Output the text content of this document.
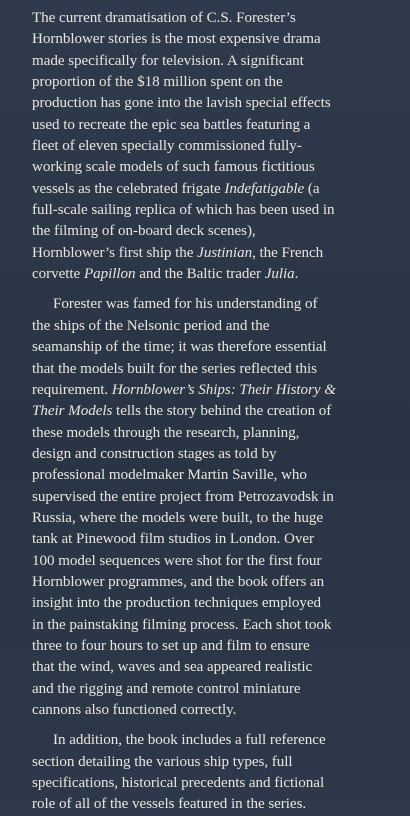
The current dramatisation of C.S. Forester’s
Hornblower stories is the most expensive drama
made specifically for television. A significant
proportion of the $18 million spent on the
production has gone into the lavish special effects
used to recreate the epic sea battles featuring a
fleet of eleven specially commissioned fully-
working scale models of such famous fictitious
vessels as the celebrated frigate Indefatigable (a
full-scale sailing replica of which has been used in
the filming of on-board deck scenes),
Hornblower’s first ship the Justinian, the French
corvette Papillon and the Baltic trader Julia.

Forester was famed for his understanding of
the ships of the Nelsonic period and the
seamanship of the time; it was therefore essential
that the models built for the series reflected this
requirement. Hornblower’s Ships: Their History &
Their Models tells the story behind the creation of
these models through the research, planning,
design and construction stages as told by
professional modelmaker Martin Saville, who
supervised the entire project from Petrozavodsk in
Russia, where the models were built, to the huge
tank at Pinewood film studios in London. Over
100 model sequences were shot for the first four
Hornblower programmes, and the book offers an
insight into the production techniques employed
in the painstaking filming process. Each shot took
three to four hours to set up and film to ensure
that the wind, waves and sea appeared realistic
and the rigging and remote control miniature
cannons also functioned correctly.

In addition, the book includes a full reference
section detailing the various ship types, full
specifications, historical precedents and fictional
role of all of the vessels featured in the series.
